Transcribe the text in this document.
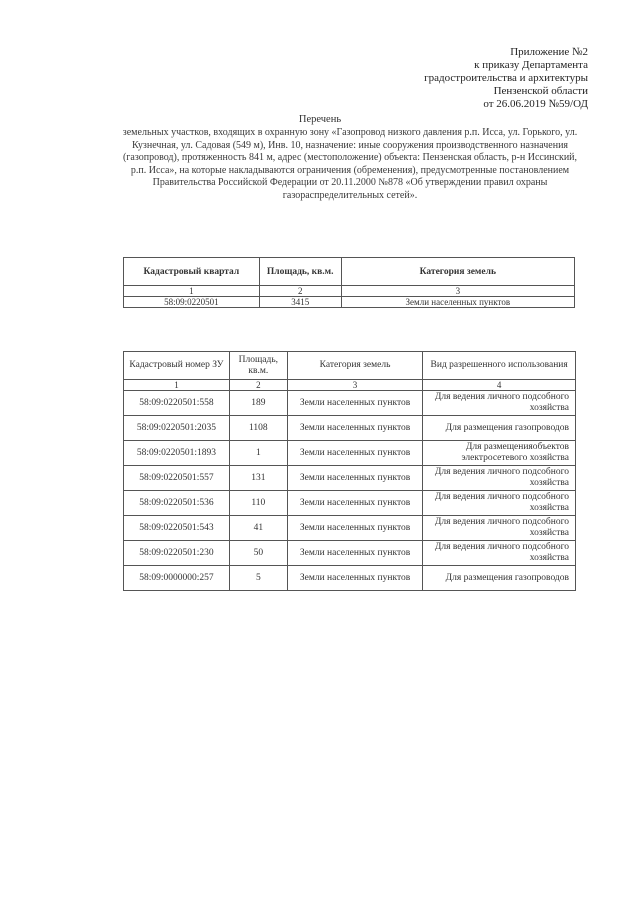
Приложение №2
к приказу Департамента
градостроительства и архитектуры
Пензенской области
от 26.06.2019 №59/ОД
Перечень
земельных участков, входящих в охранную зону «Газопровод низкого давления р.п. Исса, ул. Горького, ул. Кузнечная, ул. Садовая (549 м), Инв. 10, назначение: иные сооружения производственного назначения (газопровод), протяженность 841 м, адрес (местоположение) объекта: Пензенская область, р-н Иссинский, р.п. Исса», на которые накладываются ограничения (обременения), предусмотренные постановлением Правительства Российской Федерации от 20.11.2000 №878 «Об утверждении правил охраны газораспределительных сетей».
Кадастровый квартал	Площадь, кв.м.	Категория земель
1	2	3
58:09:0220501	3415	Земли населенных пунктов
Кадастровый номер ЗУ	Площадь, кв.м.	Категория земель	Вид разрешенного использования
1	2	3	4
58:09:0220501:558	189	Земли населенных пунктов	Для ведения личного подсобного хозяйства
58:09:0220501:2035	1108	Земли населенных пунктов	Для размещения газопроводов
58:09:0220501:1893	1	Земли населенных пунктов	Для размещенияобъектов электросетевого хозяйства
58:09:0220501:557	131	Земли населенных пунктов	Для ведения личного подсобного хозяйства
58:09:0220501:536	110	Земли населенных пунктов	Для ведения личного подсобного хозяйства
58:09:0220501:543	41	Земли населенных пунктов	Для ведения личного подсобного хозяйства
58:09:0220501:230	50	Земли населенных пунктов	Для ведения личного подсобного хозяйства
58:09:0000000:257	5	Земли населенных пунктов	Для размещения газопроводов
